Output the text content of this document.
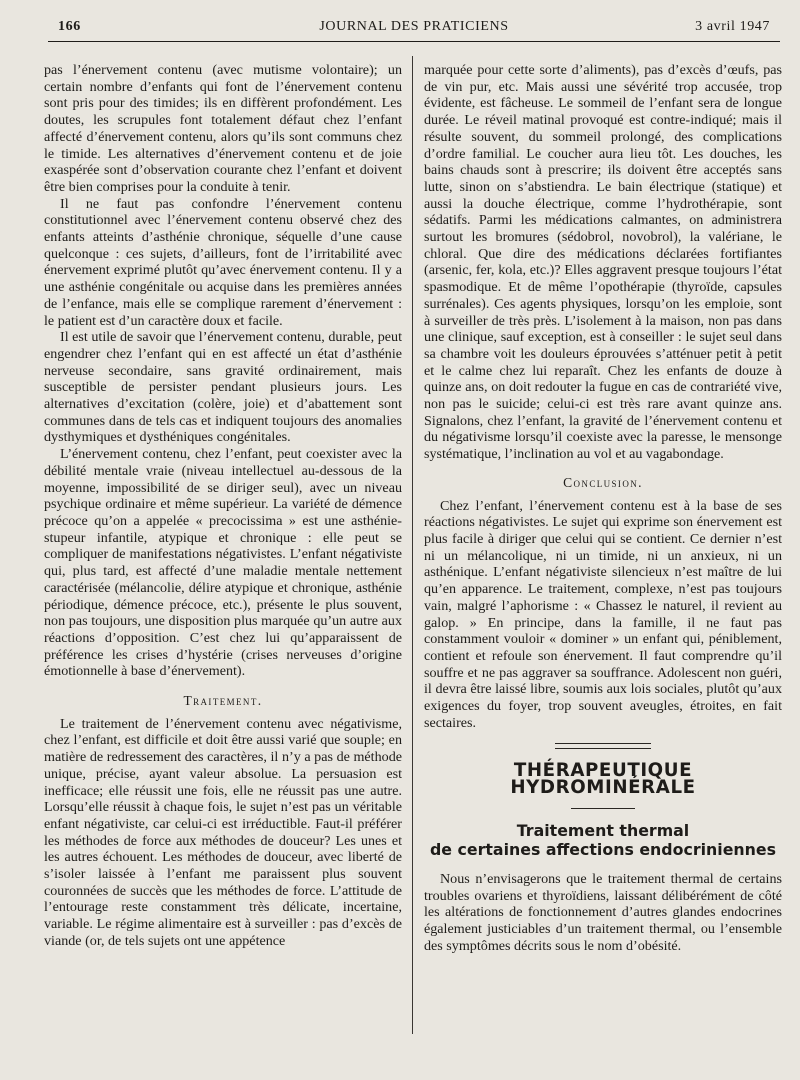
166	JOURNAL DES PRATICIENS	3 avril 1947

pas l’énervement contenu (avec mutisme volontaire); un certain nombre d’enfants qui font de l’énervement contenu sont pris pour des timides; ils en diffèrent profondément. Les doutes, les scrupules font totalement défaut chez l’enfant affecté d’énervement contenu, alors qu’ils sont communs chez le timide. Les alternatives d’énervement contenu et de joie exaspérée sont d’observation courante chez l’enfant et doivent être bien comprises pour la conduite à tenir.

Il ne faut pas confondre l’énervement contenu constitutionnel avec l’énervement contenu observé chez des enfants atteints d’asthénie chronique, séquelle d’une cause quelconque : ces sujets, d’ailleurs, font de l’irritabilité avec énervement exprimé plutôt qu’avec énervement contenu. Il y a une asthénie congénitale ou acquise dans les premières années de l’enfance, mais elle se complique rarement d’énervement : le patient est d’un caractère doux et facile.

Il est utile de savoir que l’énervement contenu, durable, peut engendrer chez l’enfant qui en est affecté un état d’asthénie nerveuse secondaire, sans gravité ordinairement, mais susceptible de persister pendant plusieurs jours. Les alternatives d’excitation (colère, joie) et d’abattement sont communes dans de tels cas et indiquent toujours des anomalies dysthymiques et dysthéniques congénitales.

L’énervement contenu, chez l’enfant, peut coexister avec la débilité mentale vraie (niveau intellectuel au-dessous de la moyenne, impossibilité de se diriger seul), avec un niveau psychique ordinaire et même supérieur. La variété de démence précoce qu’on a appelée « precocissima » est une asthénie-stupeur infantile, atypique et chronique : elle peut se compliquer de manifestations négativistes. L’enfant négativiste qui, plus tard, est affecté d’une maladie mentale nettement caractérisée (mélancolie, délire atypique et chronique, asthénie périodique, démence précoce, etc.), présente le plus souvent, non pas toujours, une disposition plus marquée qu’un autre aux réactions d’opposition. C’est chez lui qu’apparaissent de préférence les crises d’hystérie (crises nerveuses d’origine émotionnelle à base d’énervement).

Traitement.

Le traitement de l’énervement contenu avec négativisme, chez l’enfant, est difficile et doit être aussi varié que souple; en matière de redressement des caractères, il n’y a pas de méthode unique, précise, ayant valeur absolue. La persuasion est inefficace; elle réussit une fois, elle ne réussit pas une autre. Lorsqu’elle réussit à chaque fois, le sujet n’est pas un véritable enfant négativiste, car celui-ci est irréductible. Faut-il préférer les méthodes de force aux méthodes de douceur? Les unes et les autres échouent. Les méthodes de douceur, avec liberté de s’isoler laissée à l’enfant me paraissent plus souvent couronnées de succès que les méthodes de force. L’attitude de l’entourage reste constamment très délicate, incertaine, variable. Le régime alimentaire est à surveiller : pas d’excès de viande (or, de tels sujets ont une appétence

marquée pour cette sorte d’aliments), pas d’excès d’œufs, pas de vin pur, etc. Mais aussi une sévérité trop accusée, trop évidente, est fâcheuse. Le sommeil de l’enfant sera de longue durée. Le réveil matinal provoqué est contre-indiqué; mais il résulte souvent, du sommeil prolongé, des complications d’ordre familial. Le coucher aura lieu tôt. Les douches, les bains chauds sont à prescrire; ils doivent être acceptés sans lutte, sinon on s’abstiendra. Le bain électrique (statique) et aussi la douche électrique, comme l’hydrothérapie, sont sédatifs. Parmi les médications calmantes, on administrera surtout les bromures (sédobrol, novobrol), la valériane, le chloral. Que dire des médications déclarées fortifiantes (arsenic, fer, kola, etc.)? Elles aggravent presque toujours l’état spasmodique. Et de même l’opothérapie (thyroïde, capsules surrénales). Ces agents physiques, lorsqu’on les emploie, sont à surveiller de très près. L’isolement à la maison, non pas dans une clinique, sauf exception, est à conseiller : le sujet seul dans sa chambre voit les douleurs éprouvées s’atténuer petit à petit et le calme chez lui reparaît. Chez les enfants de douze à quinze ans, on doit redouter la fugue en cas de contrariété vive, non pas le suicide; celui-ci est très rare avant quinze ans. Signalons, chez l’enfant, la gravité de l’énervement contenu et du négativisme lorsqu’il coexiste avec la paresse, le mensonge systématique, l’inclination au vol et au vagabondage.

Conclusion.

Chez l’enfant, l’énervement contenu est à la base de ses réactions négativistes. Le sujet qui exprime son énervement est plus facile à diriger que celui qui se contient. Ce dernier n’est ni un mélancolique, ni un timide, ni un anxieux, ni un asthénique. L’enfant négativiste silencieux n’est maître de lui qu’en apparence. Le traitement, complexe, n’est pas toujours vain, malgré l’aphorisme : « Chassez le naturel, il revient au galop. » En principe, dans la famille, il ne faut pas constamment vouloir « dominer » un enfant qui, péniblement, contient et refoule son énervement. Il faut comprendre qu’il souffre et ne pas aggraver sa souffrance. Adolescent non guéri, il devra être laissé libre, soumis aux lois sociales, plutôt qu’aux exigences du foyer, trop souvent aveugles, étroites, en fait sectaires.

THÉRAPEUTIQUE HYDROMINÉRALE
Traitement thermal
de certaines affections endocriniennes

Nous n’envisagerons que le traitement thermal de certains troubles ovariens et thyroïdiens, laissant délibérément de côté les altérations de fonctionnement d’autres glandes endocrines également justiciables d’un traitement thermal, ou l’ensemble des symptômes décrits sous le nom d’obésité.
